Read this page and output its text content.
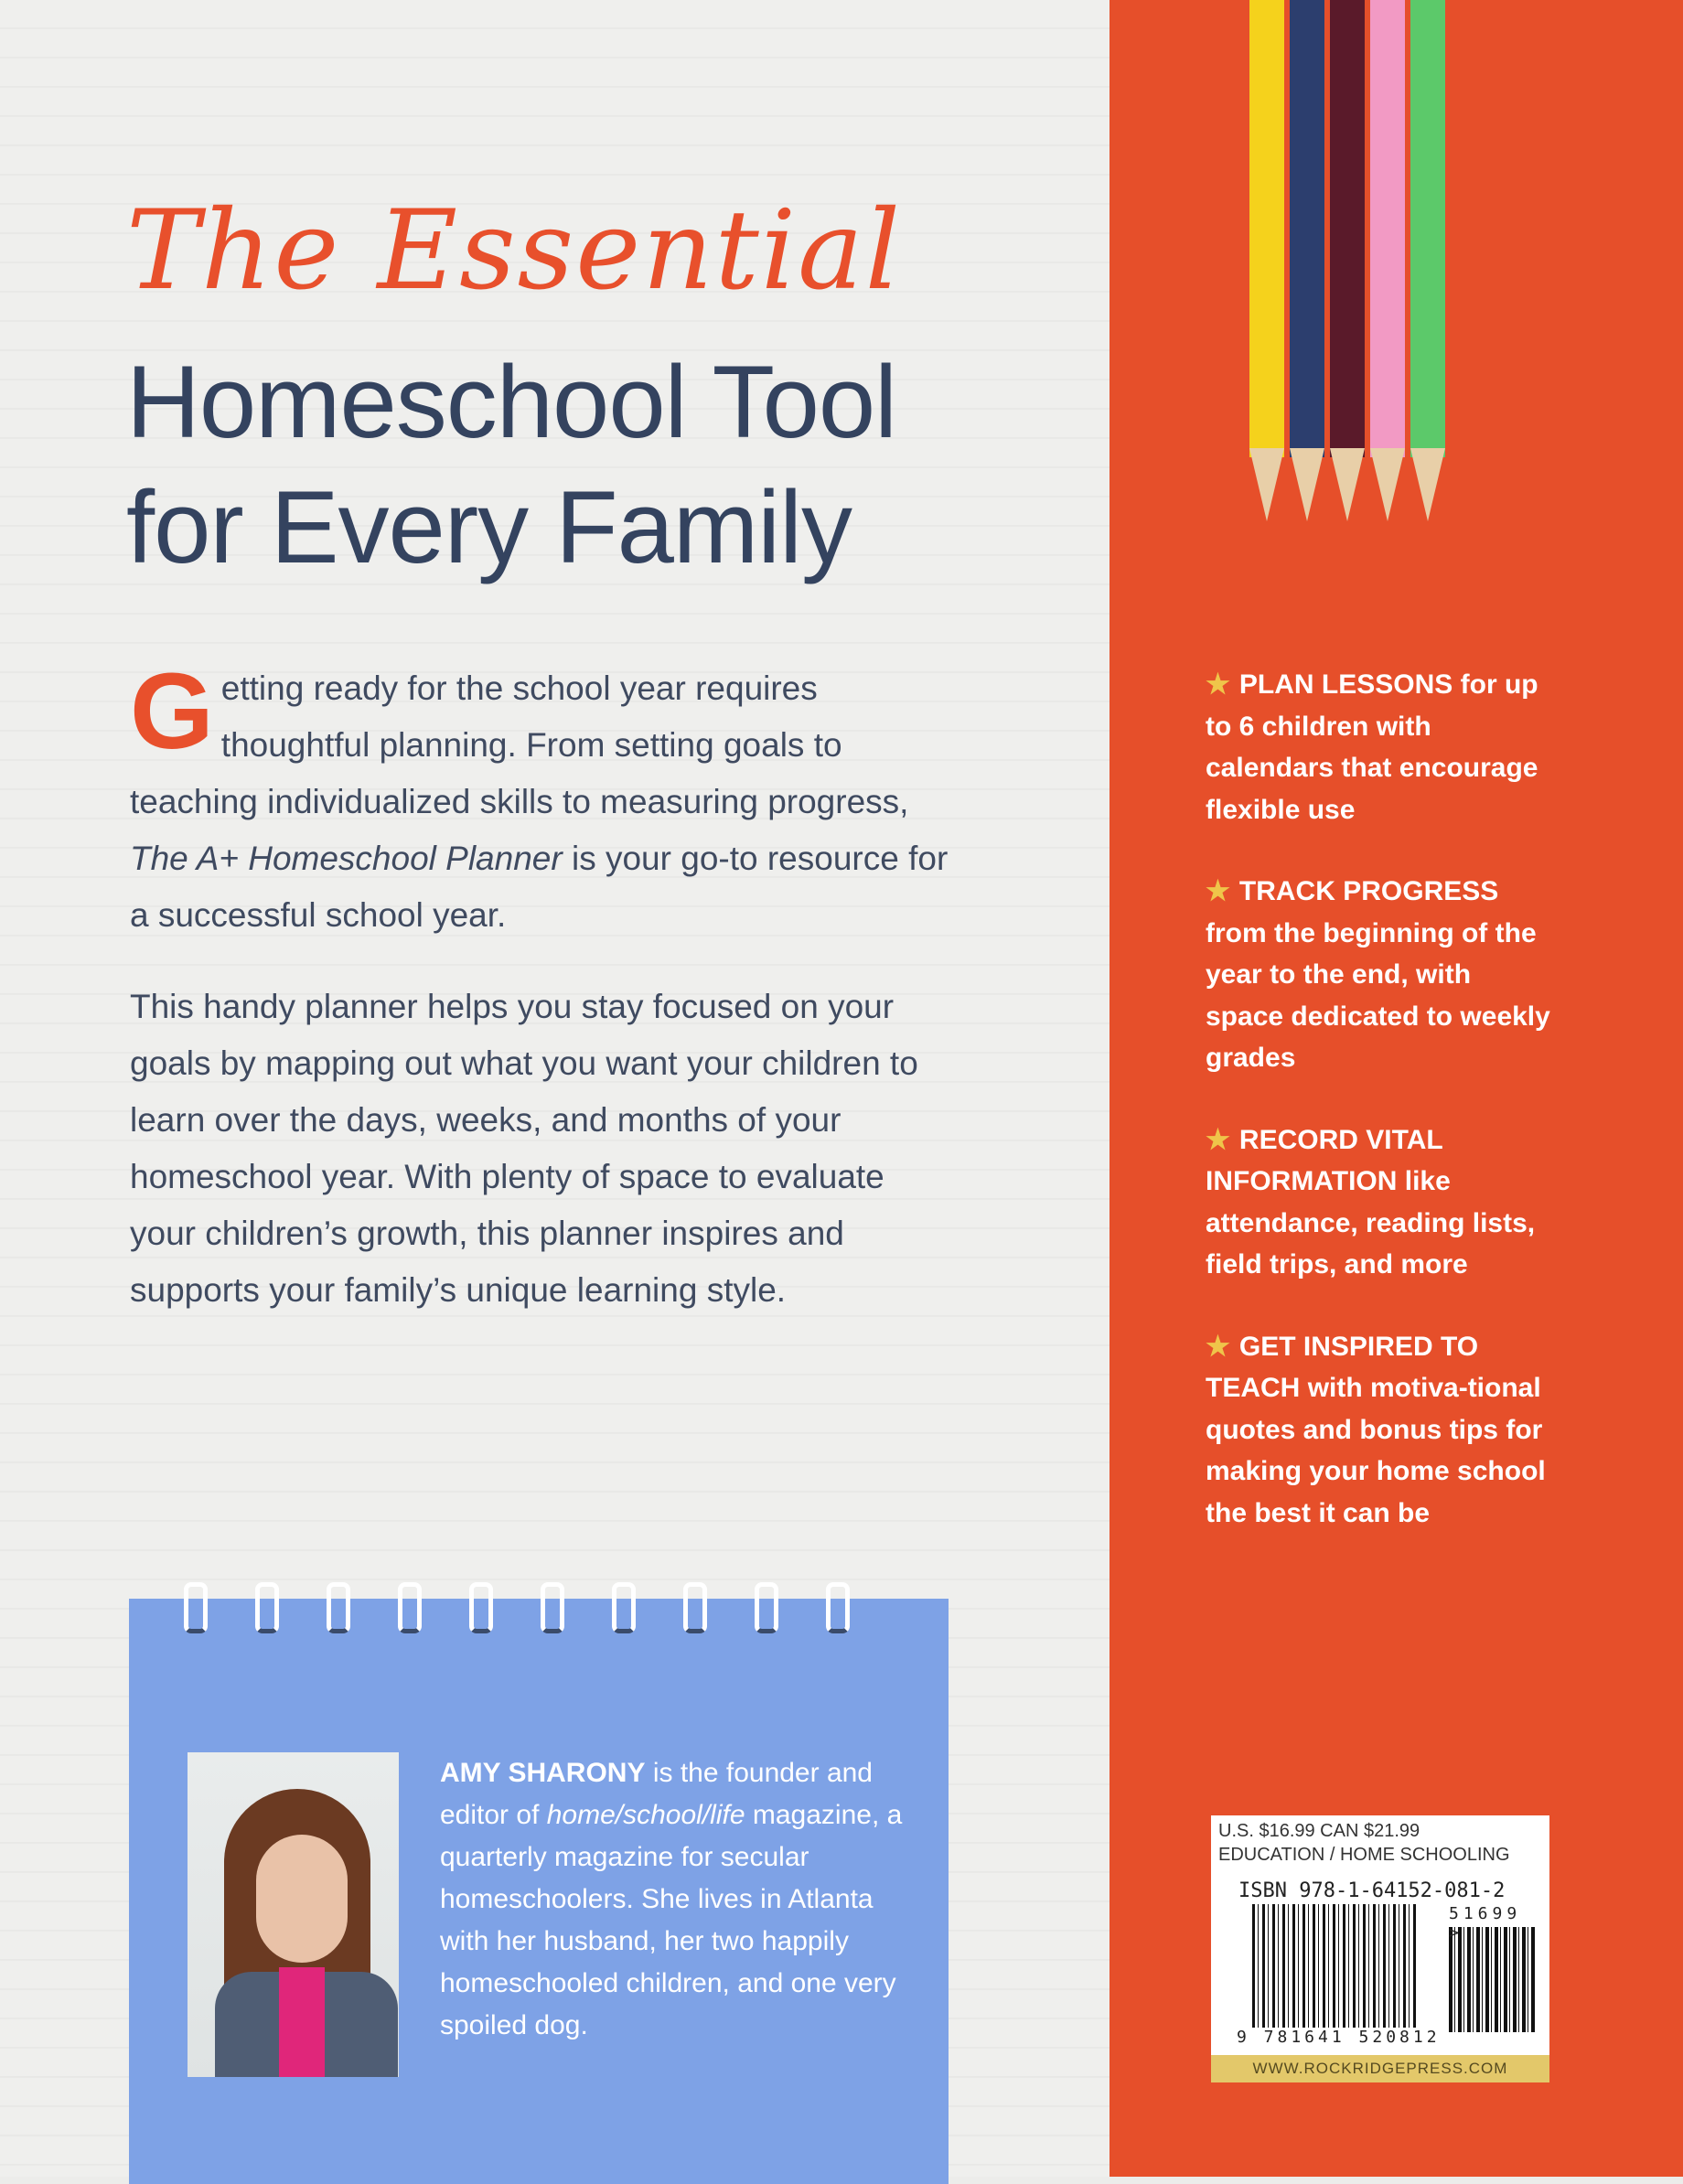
The Essential
Homeschool Tool
for Every Family
Getting ready for the school year requires thoughtful planning. From setting goals to teaching individualized skills to measuring progress, The A+ Homeschool Planner is your go-to resource for a successful school year.
This handy planner helps you stay focused on your goals by mapping out what you want your children to learn over the days, weeks, and months of your homeschool year. With plenty of space to evaluate your children’s growth, this planner inspires and supports your family’s unique learning style.
AMY SHARONY is the founder and editor of home/school/life magazine, a quarterly magazine for secular homeschoolers. She lives in Atlanta with her husband, her two happily homeschooled children, and one very spoiled dog.
★ PLAN LESSONS for up to 6 children with calendars that encourage flexible use
★ TRACK PROGRESS from the beginning of the year to the end, with space dedicated to weekly grades
★ RECORD VITAL INFORMATION like attendance, reading lists, field trips, and more
★ GET INSPIRED TO TEACH with motiva-tional quotes and bonus tips for making your home school the best it can be
U.S. $16.99 CAN $21.99
EDUCATION / HOME SCHOOLING
ISBN 978-1-64152-081-2
9 781641 520812
51699 >
WWW.ROCKRIDGEPRESS.COM
